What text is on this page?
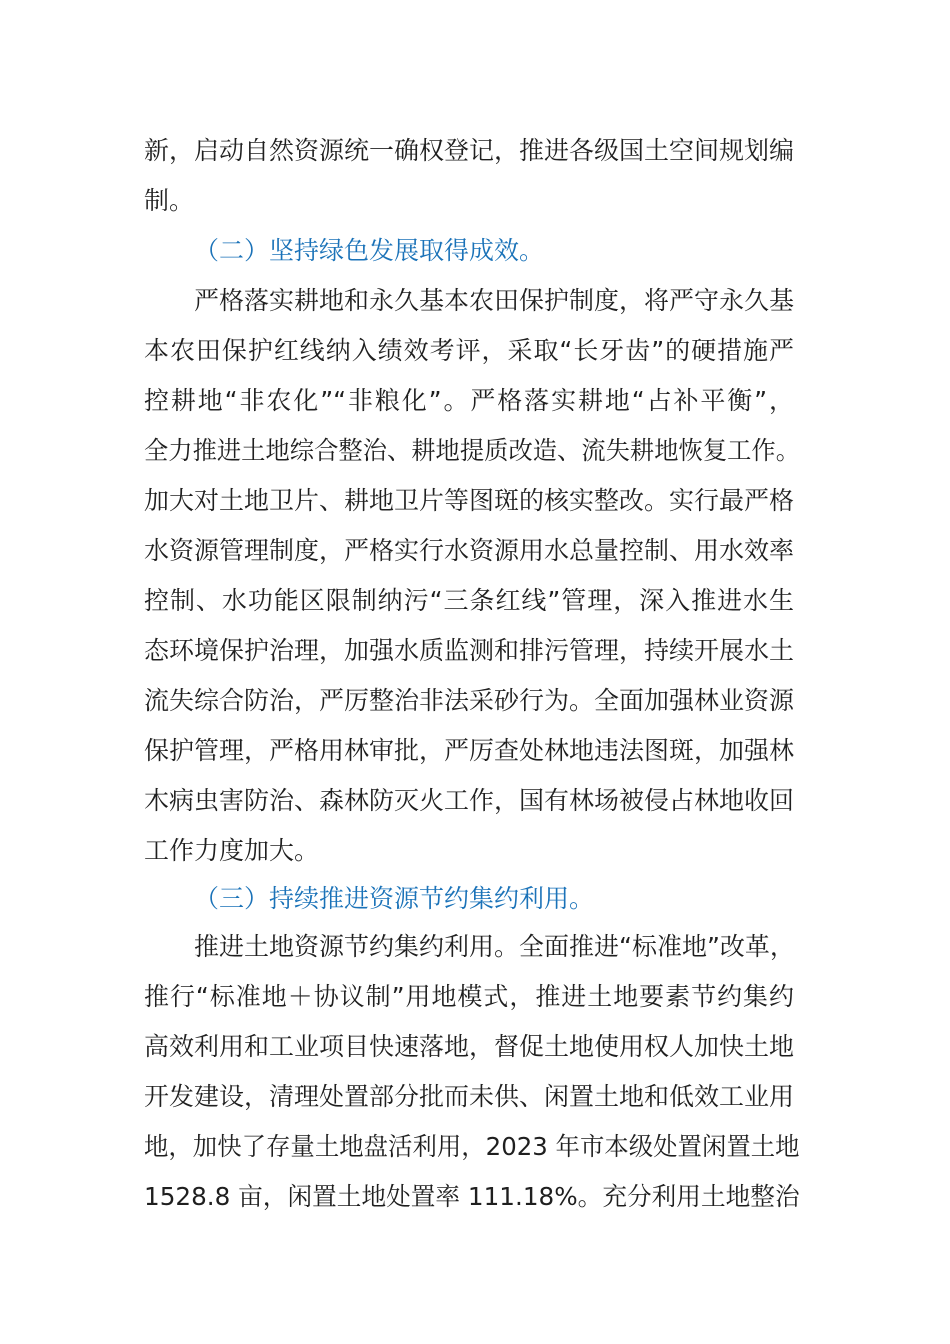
新，启动自然资源统一确权登记，推进各级国土空间规划编
制。
（二）坚持绿色发展取得成效。
严格落实耕地和永久基本农田保护制度，将严守永久基
本农田保护红线纳入绩效考评，采取“长牙齿”的硬措施严
控耕地“非农化”“非粮化”。严格落实耕地“占补平衡”，
全力推进土地综合整治、耕地提质改造、流失耕地恢复工作。
加大对土地卫片、耕地卫片等图斑的核实整改。实行最严格
水资源管理制度，严格实行水资源用水总量控制、用水效率
控制、水功能区限制纳污“三条红线”管理，深入推进水生
态环境保护治理，加强水质监测和排污管理，持续开展水土
流失综合防治，严厉整治非法采砂行为。全面加强林业资源
保护管理，严格用林审批，严厉查处林地违法图斑，加强林
木病虫害防治、森林防灭火工作，国有林场被侵占林地收回
工作力度加大。
（三）持续推进资源节约集约利用。
推进土地资源节约集约利用。全面推进“标准地”改革，
推行“标准地＋协议制”用地模式，推进土地要素节约集约
高效利用和工业项目快速落地，督促土地使用权人加快土地
开发建设，清理处置部分批而未供、闲置土地和低效工业用
地，加快了存量土地盘活利用，2023 年市本级处置闲置土地
1528.8 亩，闲置土地处置率 111.18%。充分利用土地整治
